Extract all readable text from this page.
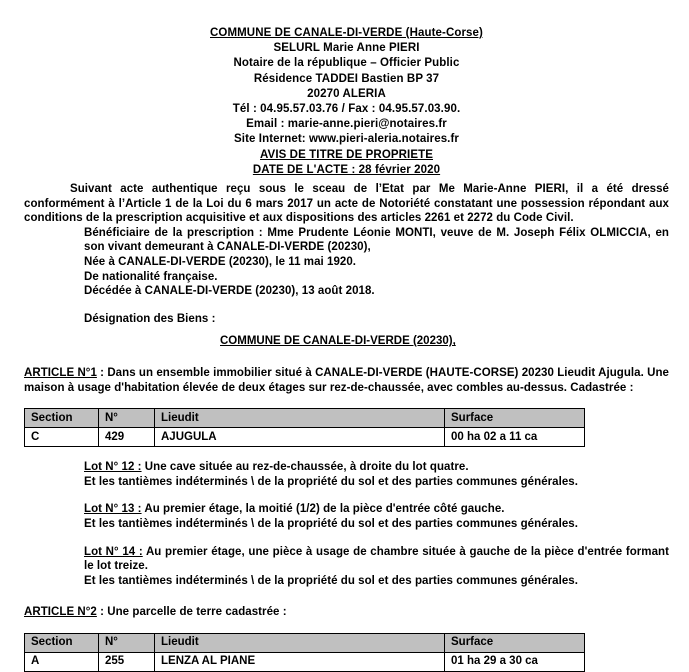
COMMUNE DE CANALE-DI-VERDE (Haute-Corse)
SELURL Marie Anne PIERI
Notaire de la république – Officier Public
Résidence TADDEI Bastien BP 37
20270 ALERIA
Tél : 04.95.57.03.76 / Fax : 04.95.57.03.90.
Email : marie-anne.pieri@notaires.fr
Site Internet: www.pieri-aleria.notaires.fr
AVIS DE TITRE DE PROPRIETE
DATE DE L'ACTE : 28 février 2020
Suivant acte authentique reçu sous le sceau de l’Etat par Me Marie-Anne PIERI, il a été dressé conformément à l’Article 1 de la Loi du 6 mars 2017 un acte de Notoriété constatant une possession répondant aux conditions de la prescription acquisitive et aux dispositions des articles 2261 et 2272 du Code Civil.
Bénéficiaire de la prescription : Mme Prudente Léonie MONTI, veuve de M. Joseph Félix OLMICCIA, en son vivant demeurant à CANALE-DI-VERDE (20230),
Née à CANALE-DI-VERDE (20230), le 11 mai 1920.
De nationalité française.
Décédée à CANALE-DI-VERDE (20230), 13 août 2018.
Désignation des Biens :
COMMUNE DE CANALE-DI-VERDE (20230),
ARTICLE N°1 : Dans un ensemble immobilier situé à CANALE-DI-VERDE (HAUTE-CORSE) 20230 Lieudit Ajugula. Une maison à usage d'habitation élevée de deux étages sur rez-de-chaussée, avec combles au-dessus. Cadastrée :
Section	N°	Lieudit	Surface
C	429	AJUGULA	00 ha 02 a 11 ca
Lot N° 12 : Une cave située au rez-de-chaussée, à droite du lot quatre.
Et les tantièmes indéterminés \ de la propriété du sol et des parties communes générales.
Lot N° 13 : Au premier étage, la moitié (1/2) de la pièce d'entrée côté gauche.
Et les tantièmes indéterminés \ de la propriété du sol et des parties communes générales.
Lot N° 14 : Au premier étage, une pièce à usage de chambre située à gauche de la pièce d'entrée formant le lot treize.
Et les tantièmes indéterminés \ de la propriété du sol et des parties communes générales.
ARTICLE N°2 : Une parcelle de terre cadastrée :
Section	N°	Lieudit	Surface
A	255	LENZA AL PIANE	01 ha 29 a 30 ca
